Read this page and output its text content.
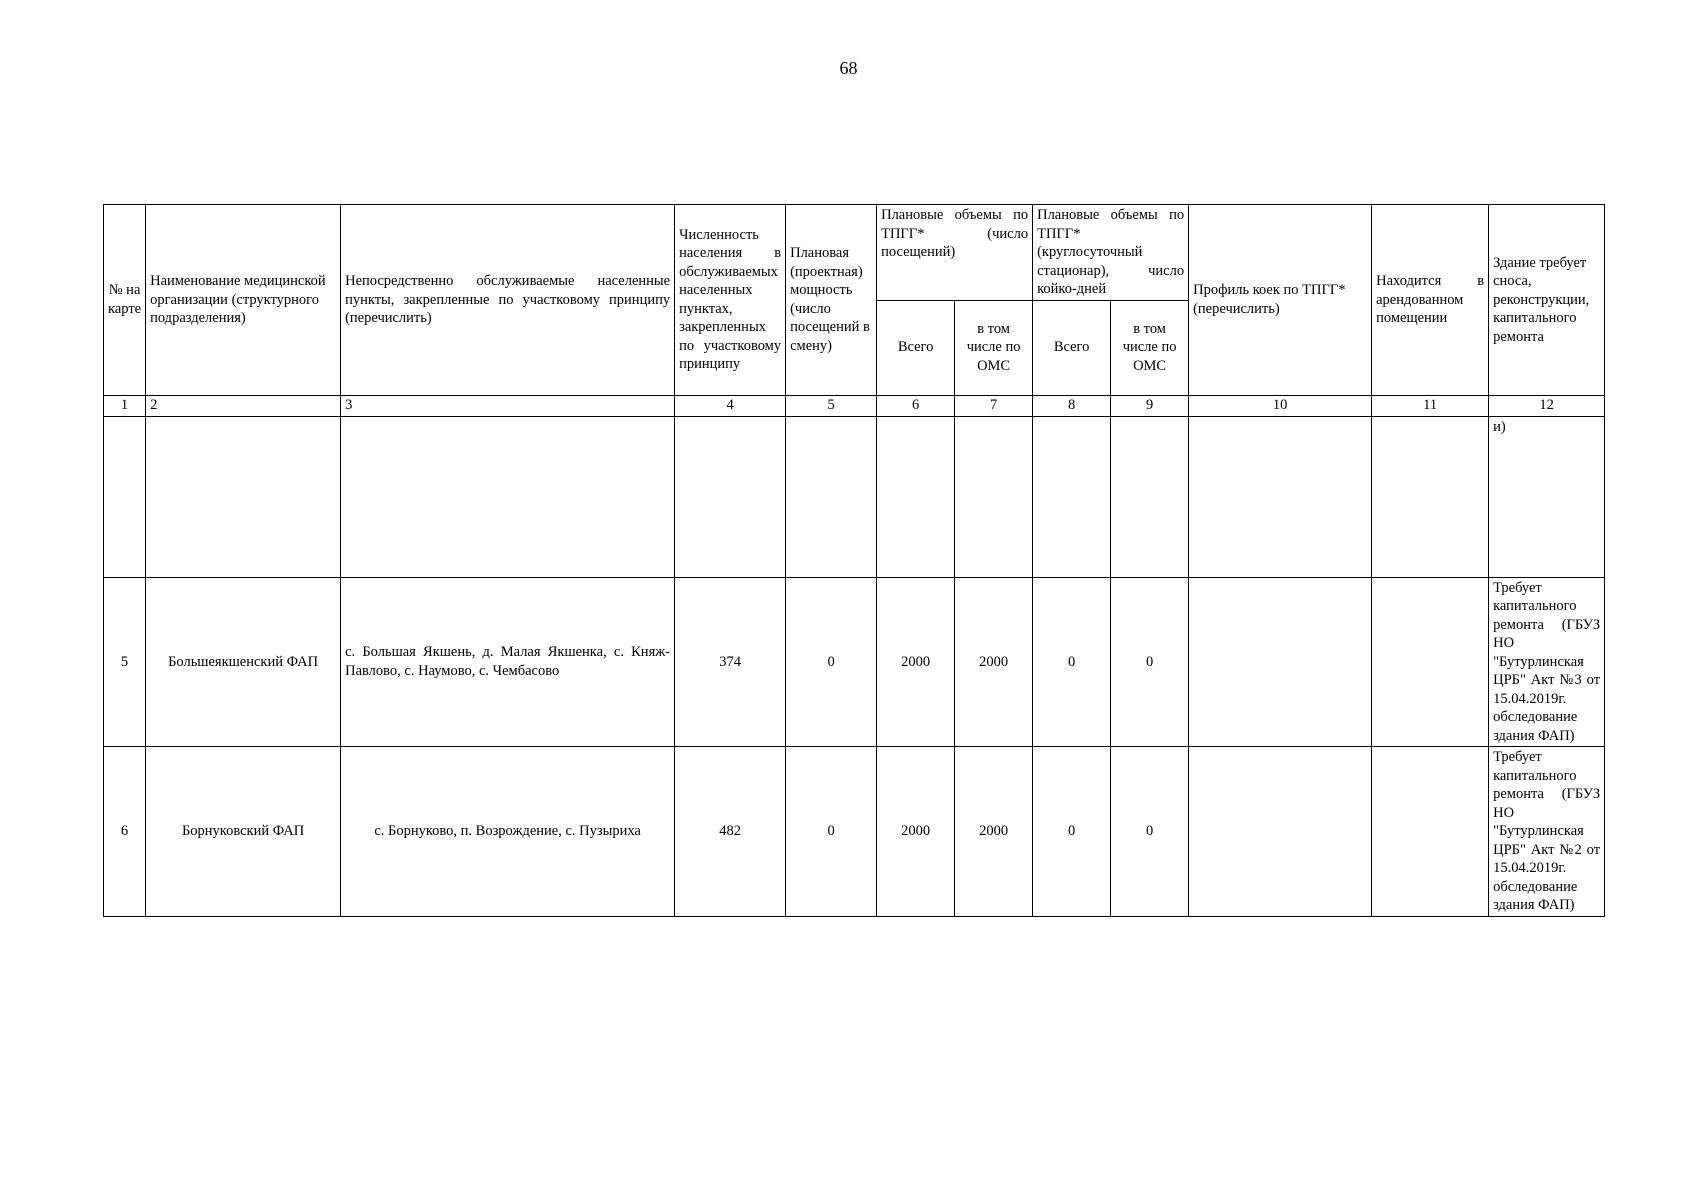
68
№ на карте	Наименование медицинской организации (структурного подразделения)	Непосредственно обслуживаемые населенные пункты, закрепленные по участковому принципу (перечислить)	Численность населения в обслуживаемых населенных пунктах, закрепленных по участковому принципу	Плановая (проектная) мощность (число посещений в смену)	Плановые объемы по ТПГГ* (число посещений)		Плановые объемы по ТПГГ* (круглосуточный стационар), число койко-дней		Профиль коек по ТПГГ* (перечислить)	Находится в арендованном помещении	Здание требует сноса, реконструкции, капитального ремонта
					Всего	в том числе по ОМС	Всего	в том числе по ОМС			
1	2	3	4	5	6	7	8	9	10	11	12
											и)
5	Большеякшенский ФАП	с. Большая Якшень, д. Малая Якшенка, с. Княж-Павлово, с. Наумово, с. Чембасово	374	0	2000	2000	0	0			Требует капитального ремонта (ГБУЗ НО "Бутурлинская ЦРБ" Акт №3 от 15.04.2019г. обследование здания ФАП)
6	Борнуковский ФАП	с. Борнуково, п. Возрождение, с. Пузыриха	482	0	2000	2000	0	0			Требует капитального ремонта (ГБУЗ НО "Бутурлинская ЦРБ" Акт №2 от 15.04.2019г. обследование здания ФАП)
